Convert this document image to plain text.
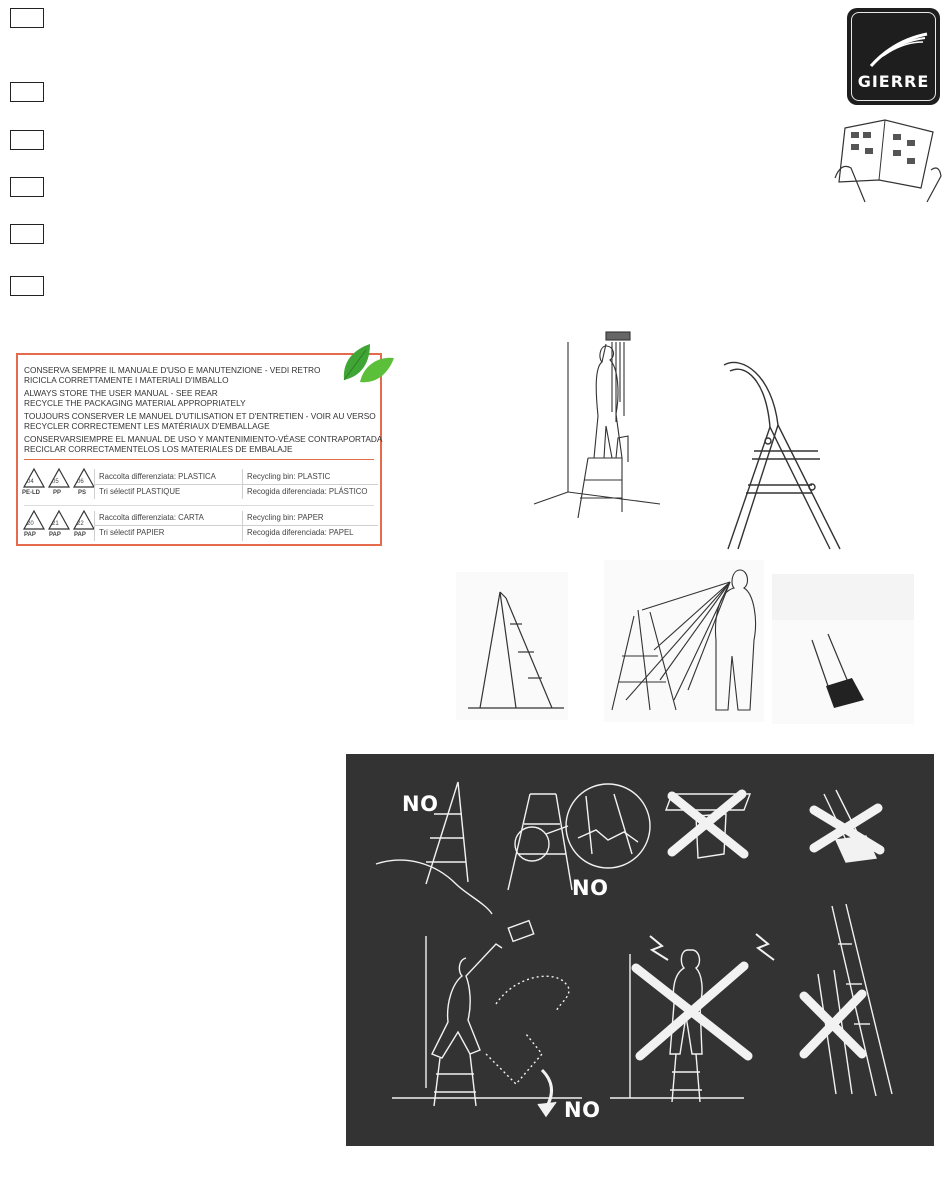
GIERRE
CONSERVA SEMPRE IL MANUALE D'USO E MANUTENZIONE - VEDI RETRO
RICICLA CORRETTAMENTE I MATERIALI D'IMBALLO
ALWAYS STORE THE USER MANUAL - SEE REAR
RECYCLE THE PACKAGING MATERIAL APPROPRIATELY
TOUJOURS CONSERVER LE MANUEL D'UTILISATION ET D'ENTRETIEN - VOIR AU VERSO
RECYCLER CORRECTEMENT LES MATÉRIAUX D'EMBALLAGE
CONSERVARSIEMPRE EL MANUAL DE USO Y MANTENIMIENTO-VÉASE CONTRAPORTADA
RECICLAR CORRECTAMENTELOS LOS MATERIALES DE EMBALAJE
04	05	06
PE-LD PP	PS
Raccolta differenziata: PLASTICA	Recycling bin: PLASTIC
Tri sélectif PLASTIQUE	Recogida diferenciada: PLÁSTICO
20	21	22
PAP PAP PAP
Raccolta differenziata: CARTA	Recycling bin: PAPER
Tri sélectif PAPIER	Recogida diferenciada: PAPEL
NO
NO
NO
